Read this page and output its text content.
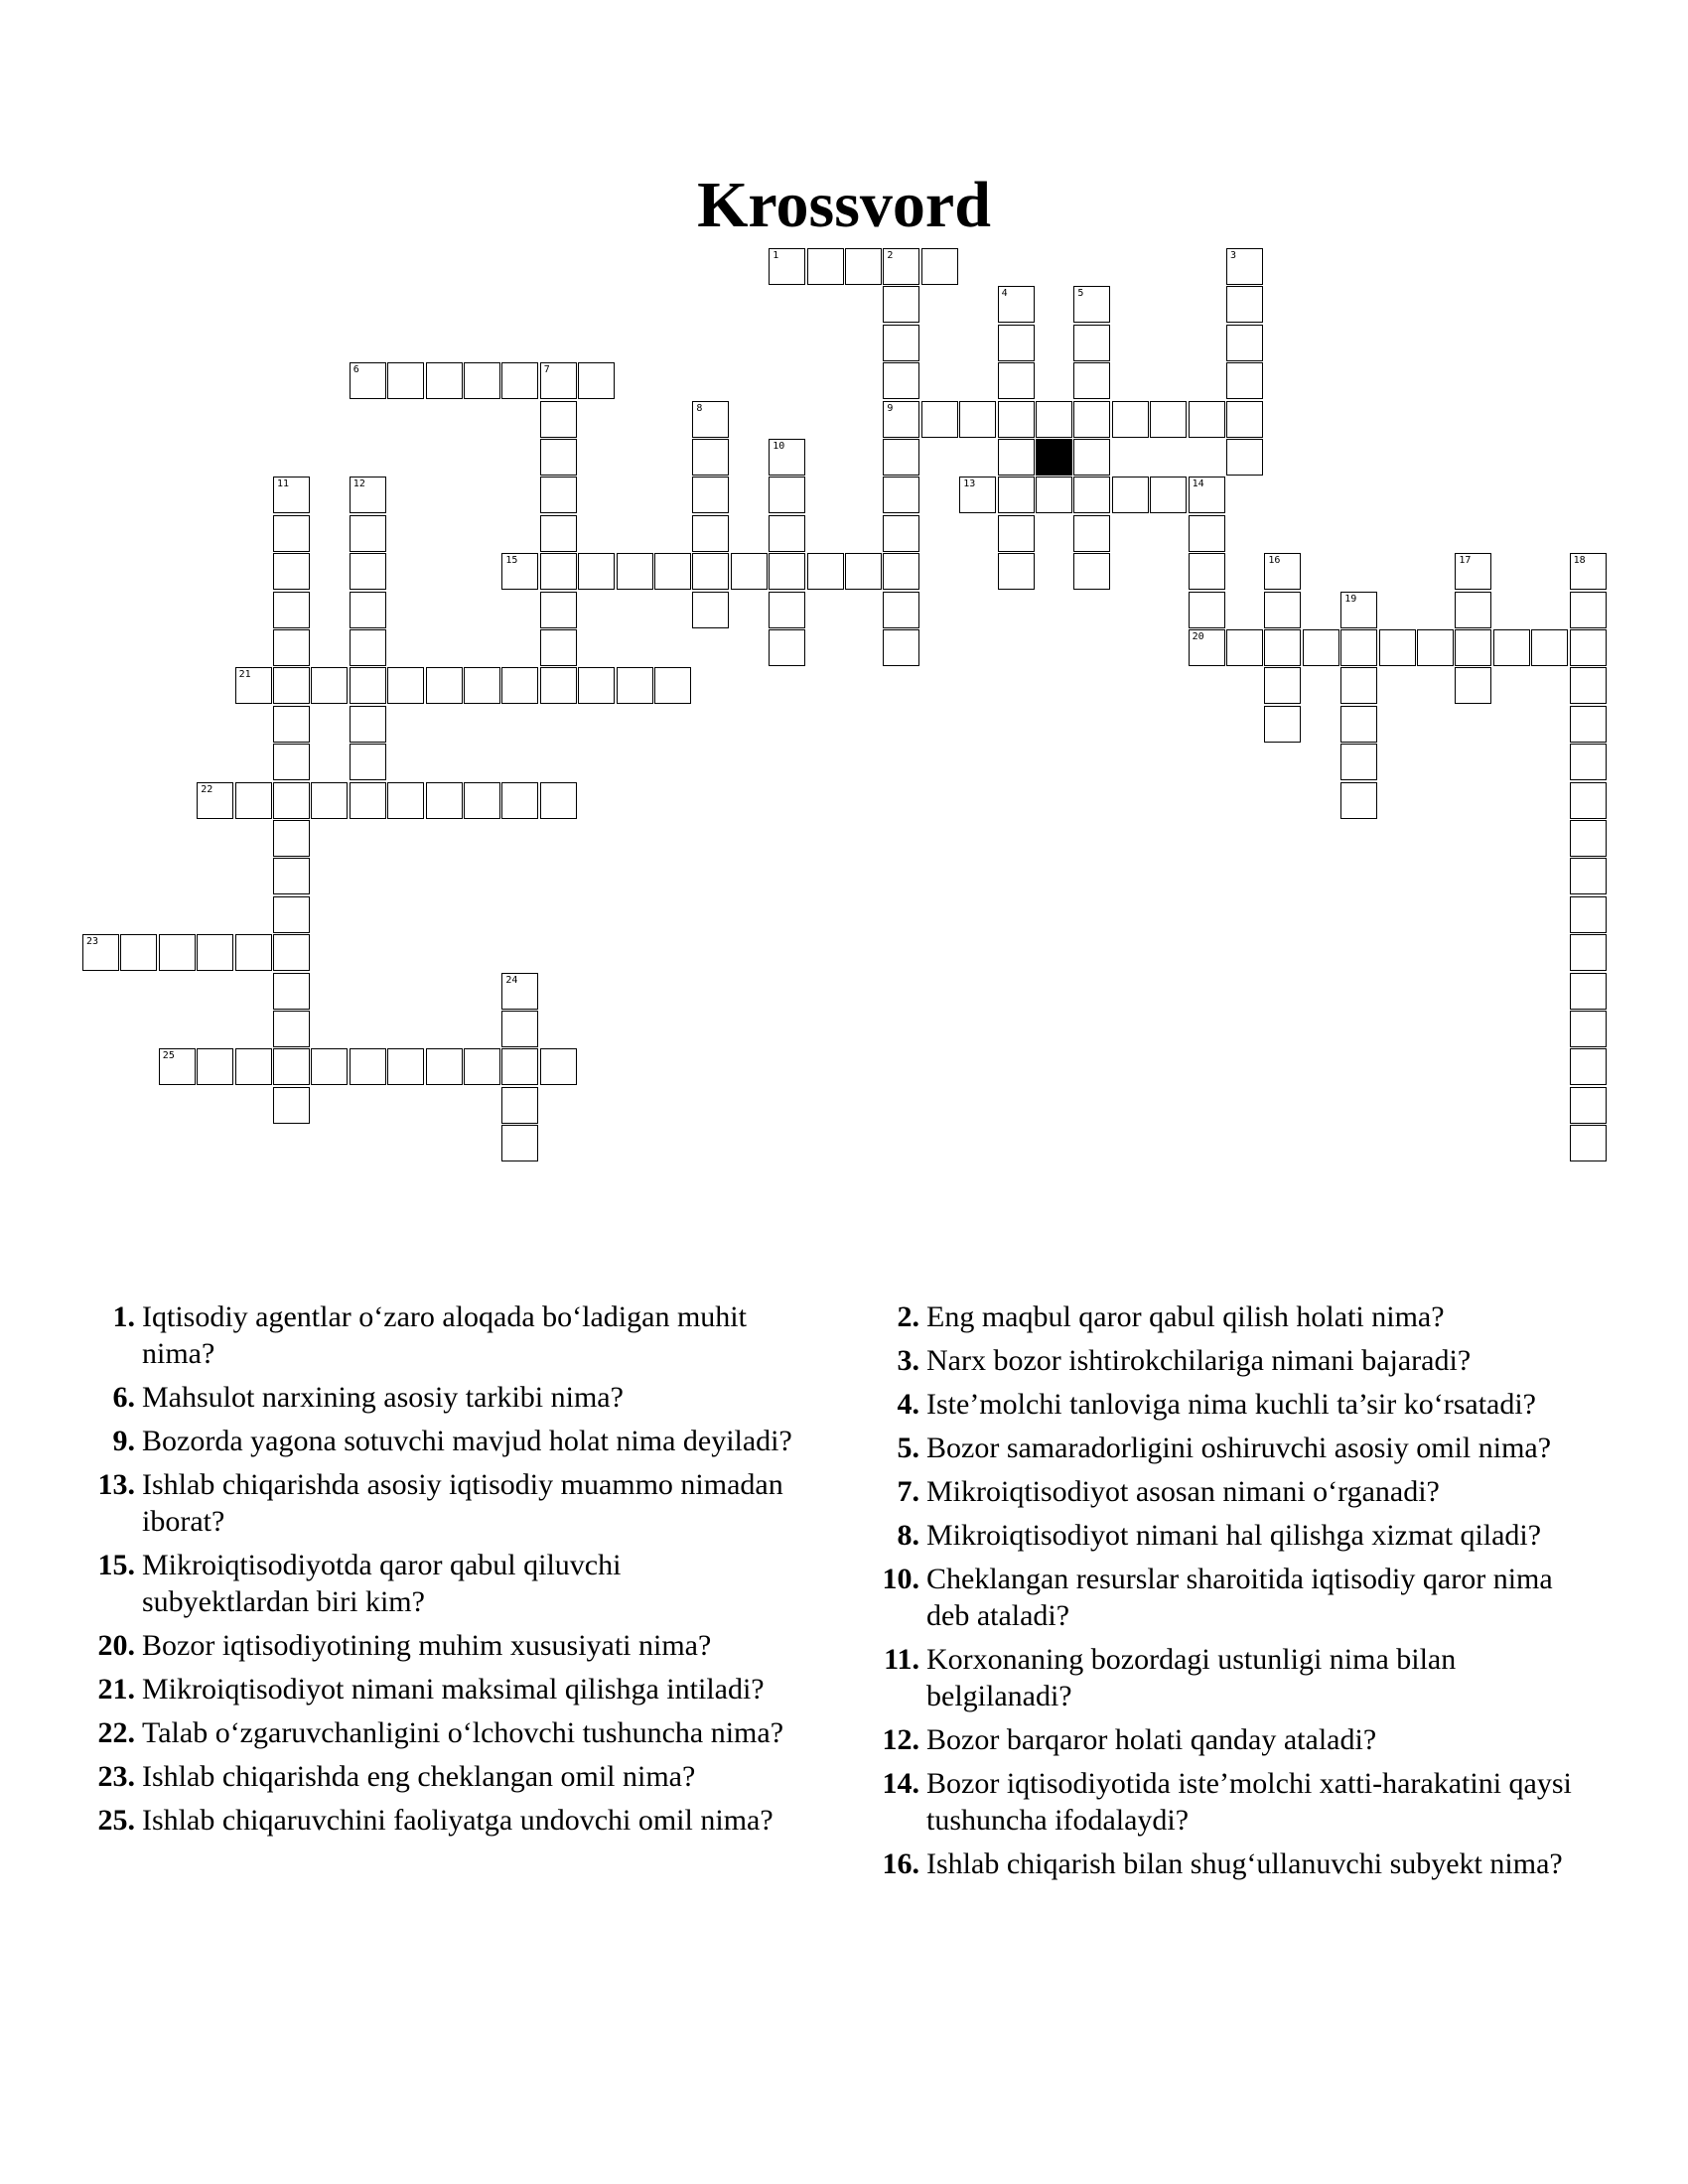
Krossvord
1	2
9
3
4	5
6	7
8
10
11	12	13	14
20
15	16	17	18
19
21
22
23
24
25
1. Iqtisodiy agentlar o‘zaro aloqada bo‘ladigan muhit nima?
6. Mahsulot narxining asosiy tarkibi nima?
9. Bozorda yagona sotuvchi mavjud holat nima deyiladi?
13. Ishlab chiqarishda asosiy iqtisodiy muammo nimadan iborat?
15. Mikroiqtisodiyotda qaror qabul qiluvchi subyektlardan biri kim?
20. Bozor iqtisodiyotining muhim xususiyati nima?
21. Mikroiqtisodiyot nimani maksimal qilishga intiladi?
22. Talab o‘zgaruvchanligini o‘lchovchi tushuncha nima?
23. Ishlab chiqarishda eng cheklangan omil nima?
25. Ishlab chiqaruvchini faoliyatga undovchi omil nima?
2. Eng maqbul qaror qabul qilish holati nima?
3. Narx bozor ishtirokchilariga nimani bajaradi?
4. Iste’molchi tanloviga nima kuchli ta’sir ko‘rsatadi?
5. Bozor samaradorligini oshiruvchi asosiy omil nima?
7. Mikroiqtisodiyot asosan nimani o‘rganadi?
8. Mikroiqtisodiyot nimani hal qilishga xizmat qiladi?
10. Cheklangan resurslar sharoitida iqtisodiy qaror nima deb ataladi?
11. Korxonaning bozordagi ustunligi nima bilan belgilanadi?
12. Bozor barqaror holati qanday ataladi?
14. Bozor iqtisodiyotida iste’molchi xatti-harakatini qaysi tushuncha ifodalaydi?
16. Ishlab chiqarish bilan shug‘ullanuvchi subyekt nima?
